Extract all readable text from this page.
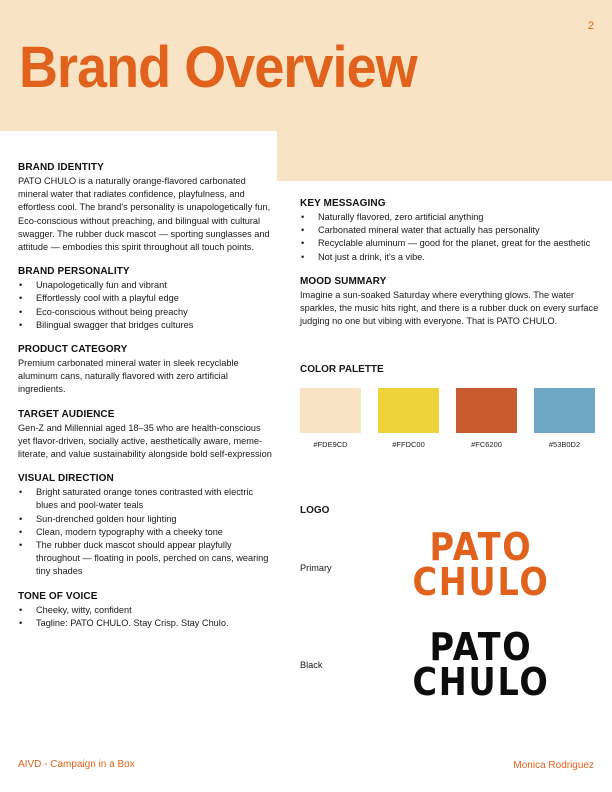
2
Brand Overview
BRAND IDENTITY

PATO CHULO is a naturally orange-flavored carbonated mineral water that radiates confidence, playfulness, and effortless cool. The brand's personality is unapologetically fun, Eco-conscious without preaching, and bilingual with cultural swagger. The rubber duck mascot — sporting sunglasses and attitude — embodies this spirit throughout all touch points.

BRAND PERSONALITY
• Unapologetically fun and vibrant
• Effortlessly cool with a playful edge
• Eco-conscious without being preachy
• Bilingual swagger that bridges cultures
PRODUCT CATEGORY

Premium carbonated mineral water in sleek recyclable aluminum cans, naturally flavored with zero artificial ingredients.

TARGET AUDIENCE

Gen-Z and Millennial aged 18–35 who are health-conscious yet flavor-driven, socially active, aesthetically aware, meme-literate, and value sustainability alongside bold self-expression

VISUAL DIRECTION
• Bright saturated orange tones contrasted with electric blues and pool-water teals
• Sun-drenched golden hour lighting
• Clean, modern typography with a cheeky tone
• The rubber duck mascot should appear playfully throughout — floating in pools, perched on cans, wearing tiny shades
TONE OF VOICE
• Cheeky, witty, confident
• Tagline: PATO CHULO. Stay Crisp. Stay Chulo.
KEY MESSAGING
• Naturally flavored, zero artificial anything
• Carbonated mineral water that actually has personality
• Recyclable aluminum — good for the planet, great for the aesthetic
• Not just a drink, it's a vibe.
MOOD SUMMARY

Imagine a sun-soaked Saturday where everything glows. The water sparkles, the music hits right, and there is a rubber duck on every surface judging no one but vibing with everyone. That is PATO CHULO.

COLOR PALETTE
#FDE9CD	#FFDC00	#FC6200	#53B0D2
LOGO
Primary
Black
PATO
CHULO
PATO
CHULO
AIVD - Campaign in a Box	Monica Rodriguez
